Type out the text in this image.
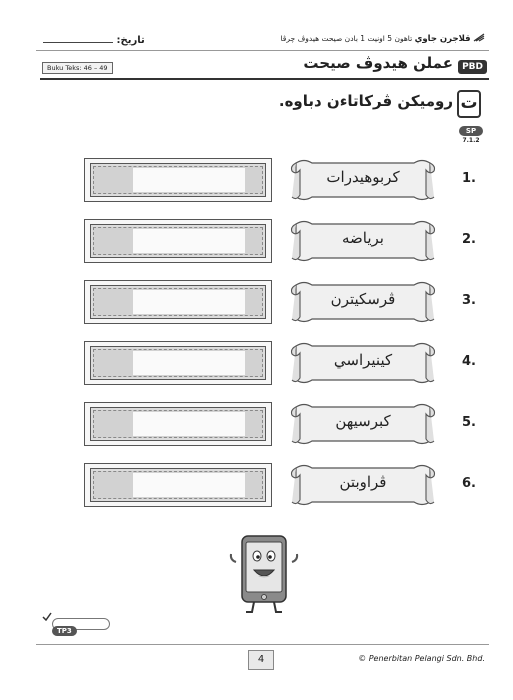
تاريخ:	قلاجرن جاوي تاهون 5 اونيت 1 بادن صيحت هيدوڤ چرڤا
Buku Teks: 46 – 49	عملن هيدوڤ صيحت	PBD
ت
روميكن ڤركاتاءن دباوه.
SP
7.1.2
1.
کربوهيدرات
2.
برياضه
3.
ڤرسکيترن
4.
کينيراسي
5.
کبرسيهن
6.
ڤراوبتن
TP3
4	© Penerbitan Pelangi Sdn. Bhd.
